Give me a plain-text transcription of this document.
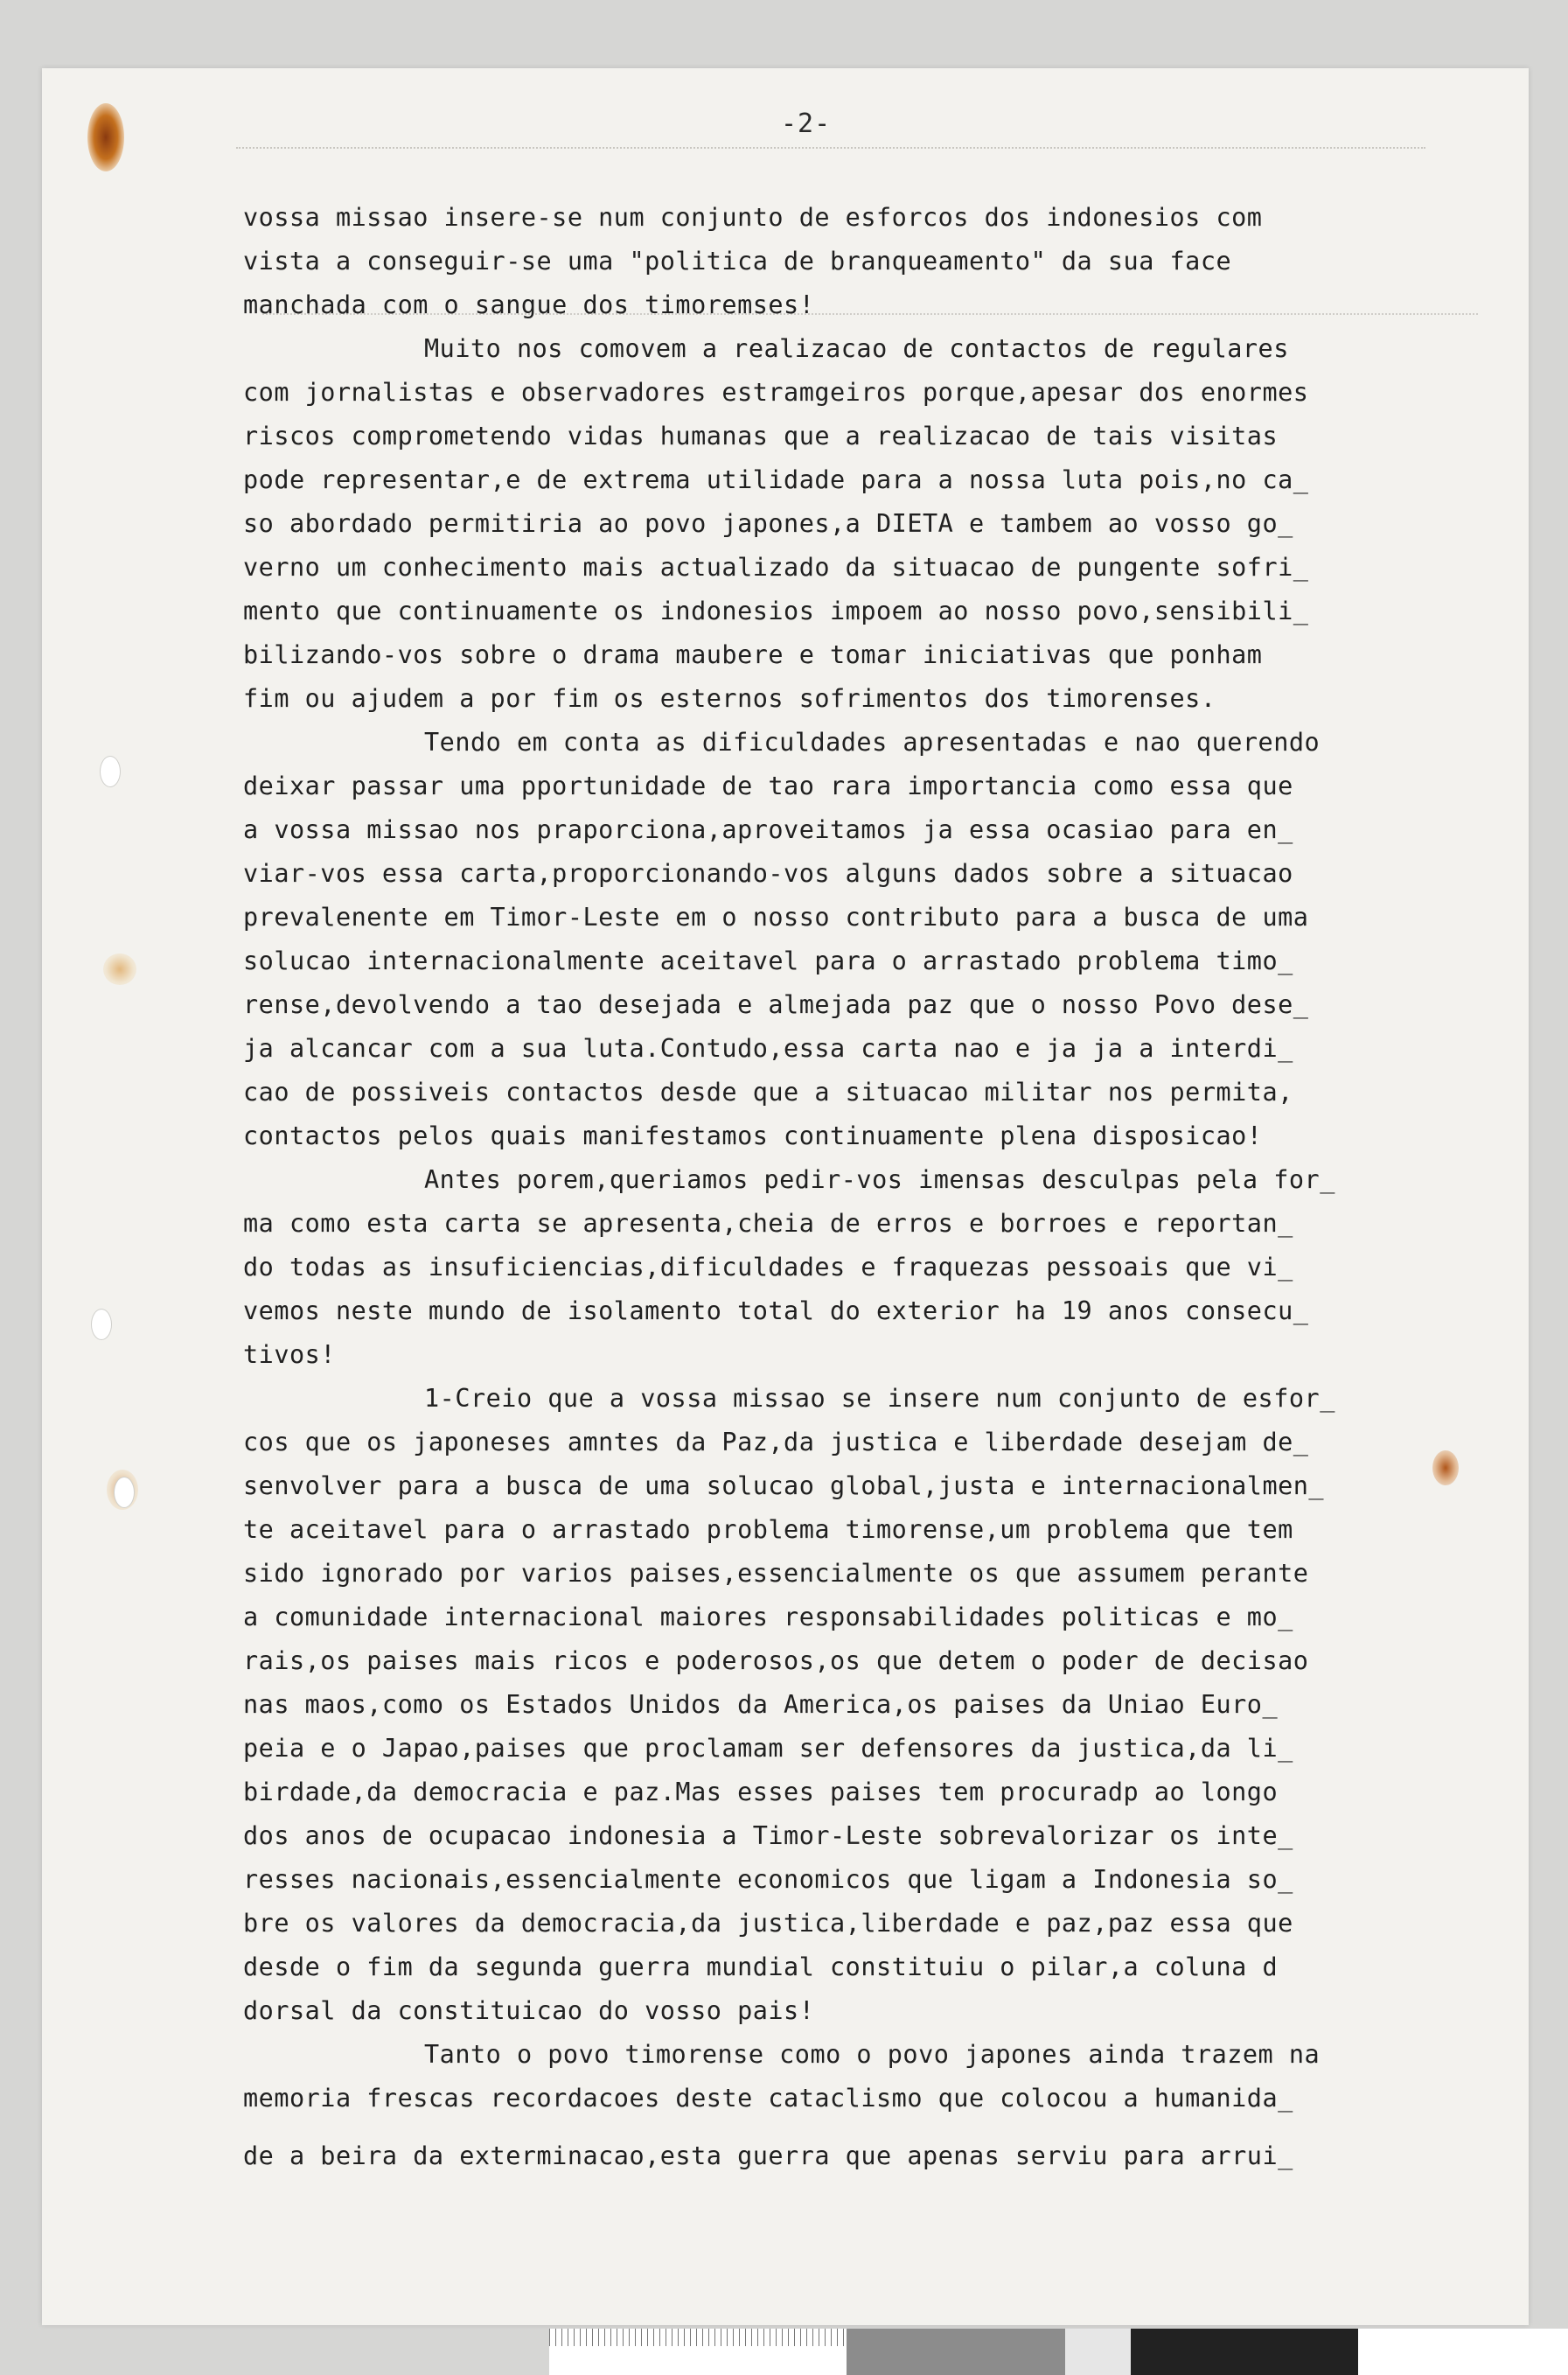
-2-
vossa missao insere-se num conjunto de esforcos dos indonesios com
vista a conseguir-se uma "politica de branqueamento" da sua face
manchada com o sangue dos timoremses!
Muito nos comovem a realizacao de contactos de regulares
com jornalistas e observadores estramgeiros porque,apesar dos enormes
riscos comprometendo vidas humanas que a realizacao de tais visitas
pode representar,e de extrema utilidade para a nossa luta pois,no ca_
so abordado permitiria ao povo japones,a DIETA e tambem ao vosso go_
verno um conhecimento mais actualizado da situacao de pungente sofri_
mento que continuamente os indonesios impoem ao nosso povo,sensibili_
bilizando-vos sobre o drama maubere e tomar iniciativas que ponham
fim ou ajudem a por fim os esternos sofrimentos dos timorenses.
Tendo em conta as dificuldades apresentadas e nao querendo
deixar passar uma pportunidade de tao rara importancia como essa que
a vossa missao nos praporciona,aproveitamos ja essa ocasiao para en_
viar-vos essa carta,proporcionando-vos alguns dados sobre a situacao
prevalenente em Timor-Leste em o nosso contributo para a busca de uma
solucao internacionalmente aceitavel para o arrastado problema timo_
rense,devolvendo a tao desejada e almejada paz que o nosso Povo dese_
ja alcancar com a sua luta.Contudo,essa carta nao e ja ja a interdi_
cao de possiveis contactos desde que a situacao militar nos permita,
contactos pelos quais manifestamos continuamente plena disposicao!
Antes porem,queriamos pedir-vos imensas desculpas pela for_
ma como esta carta se apresenta,cheia de erros e borroes e reportan_
do todas as insuficiencias,dificuldades e fraquezas pessoais que vi_
vemos neste mundo de isolamento total do exterior ha 19 anos consecu_
tivos!
1-Creio que a vossa missao se insere num conjunto de esfor_
cos que os japoneses amntes da Paz,da justica e liberdade desejam de_
senvolver para a busca de uma solucao global,justa e internacionalmen_
te aceitavel para o arrastado problema timorense,um problema que tem
sido ignorado por varios paises,essencialmente os que assumem perante
a comunidade internacional maiores responsabilidades politicas e mo_
rais,os paises mais ricos e poderosos,os que detem o poder de decisao
nas maos,como os Estados Unidos da America,os paises da Uniao Euro_
peia e o Japao,paises que proclamam ser defensores da justica,da li_
birdade,da democracia e paz.Mas esses paises tem procuradp ao longo
dos anos de ocupacao indonesia a Timor-Leste sobrevalorizar os inte_
resses nacionais,essencialmente economicos que ligam a Indonesia so_
bre os valores da democracia,da justica,liberdade e paz,paz essa que
desde o fim da segunda guerra mundial constituiu o pilar,a coluna d
dorsal da constituicao do vosso pais!
Tanto o povo timorense como o povo japones ainda trazem na
memoria frescas recordacoes deste cataclismo que colocou a humanida_
de a beira da exterminacao,esta guerra que apenas serviu para arrui_
